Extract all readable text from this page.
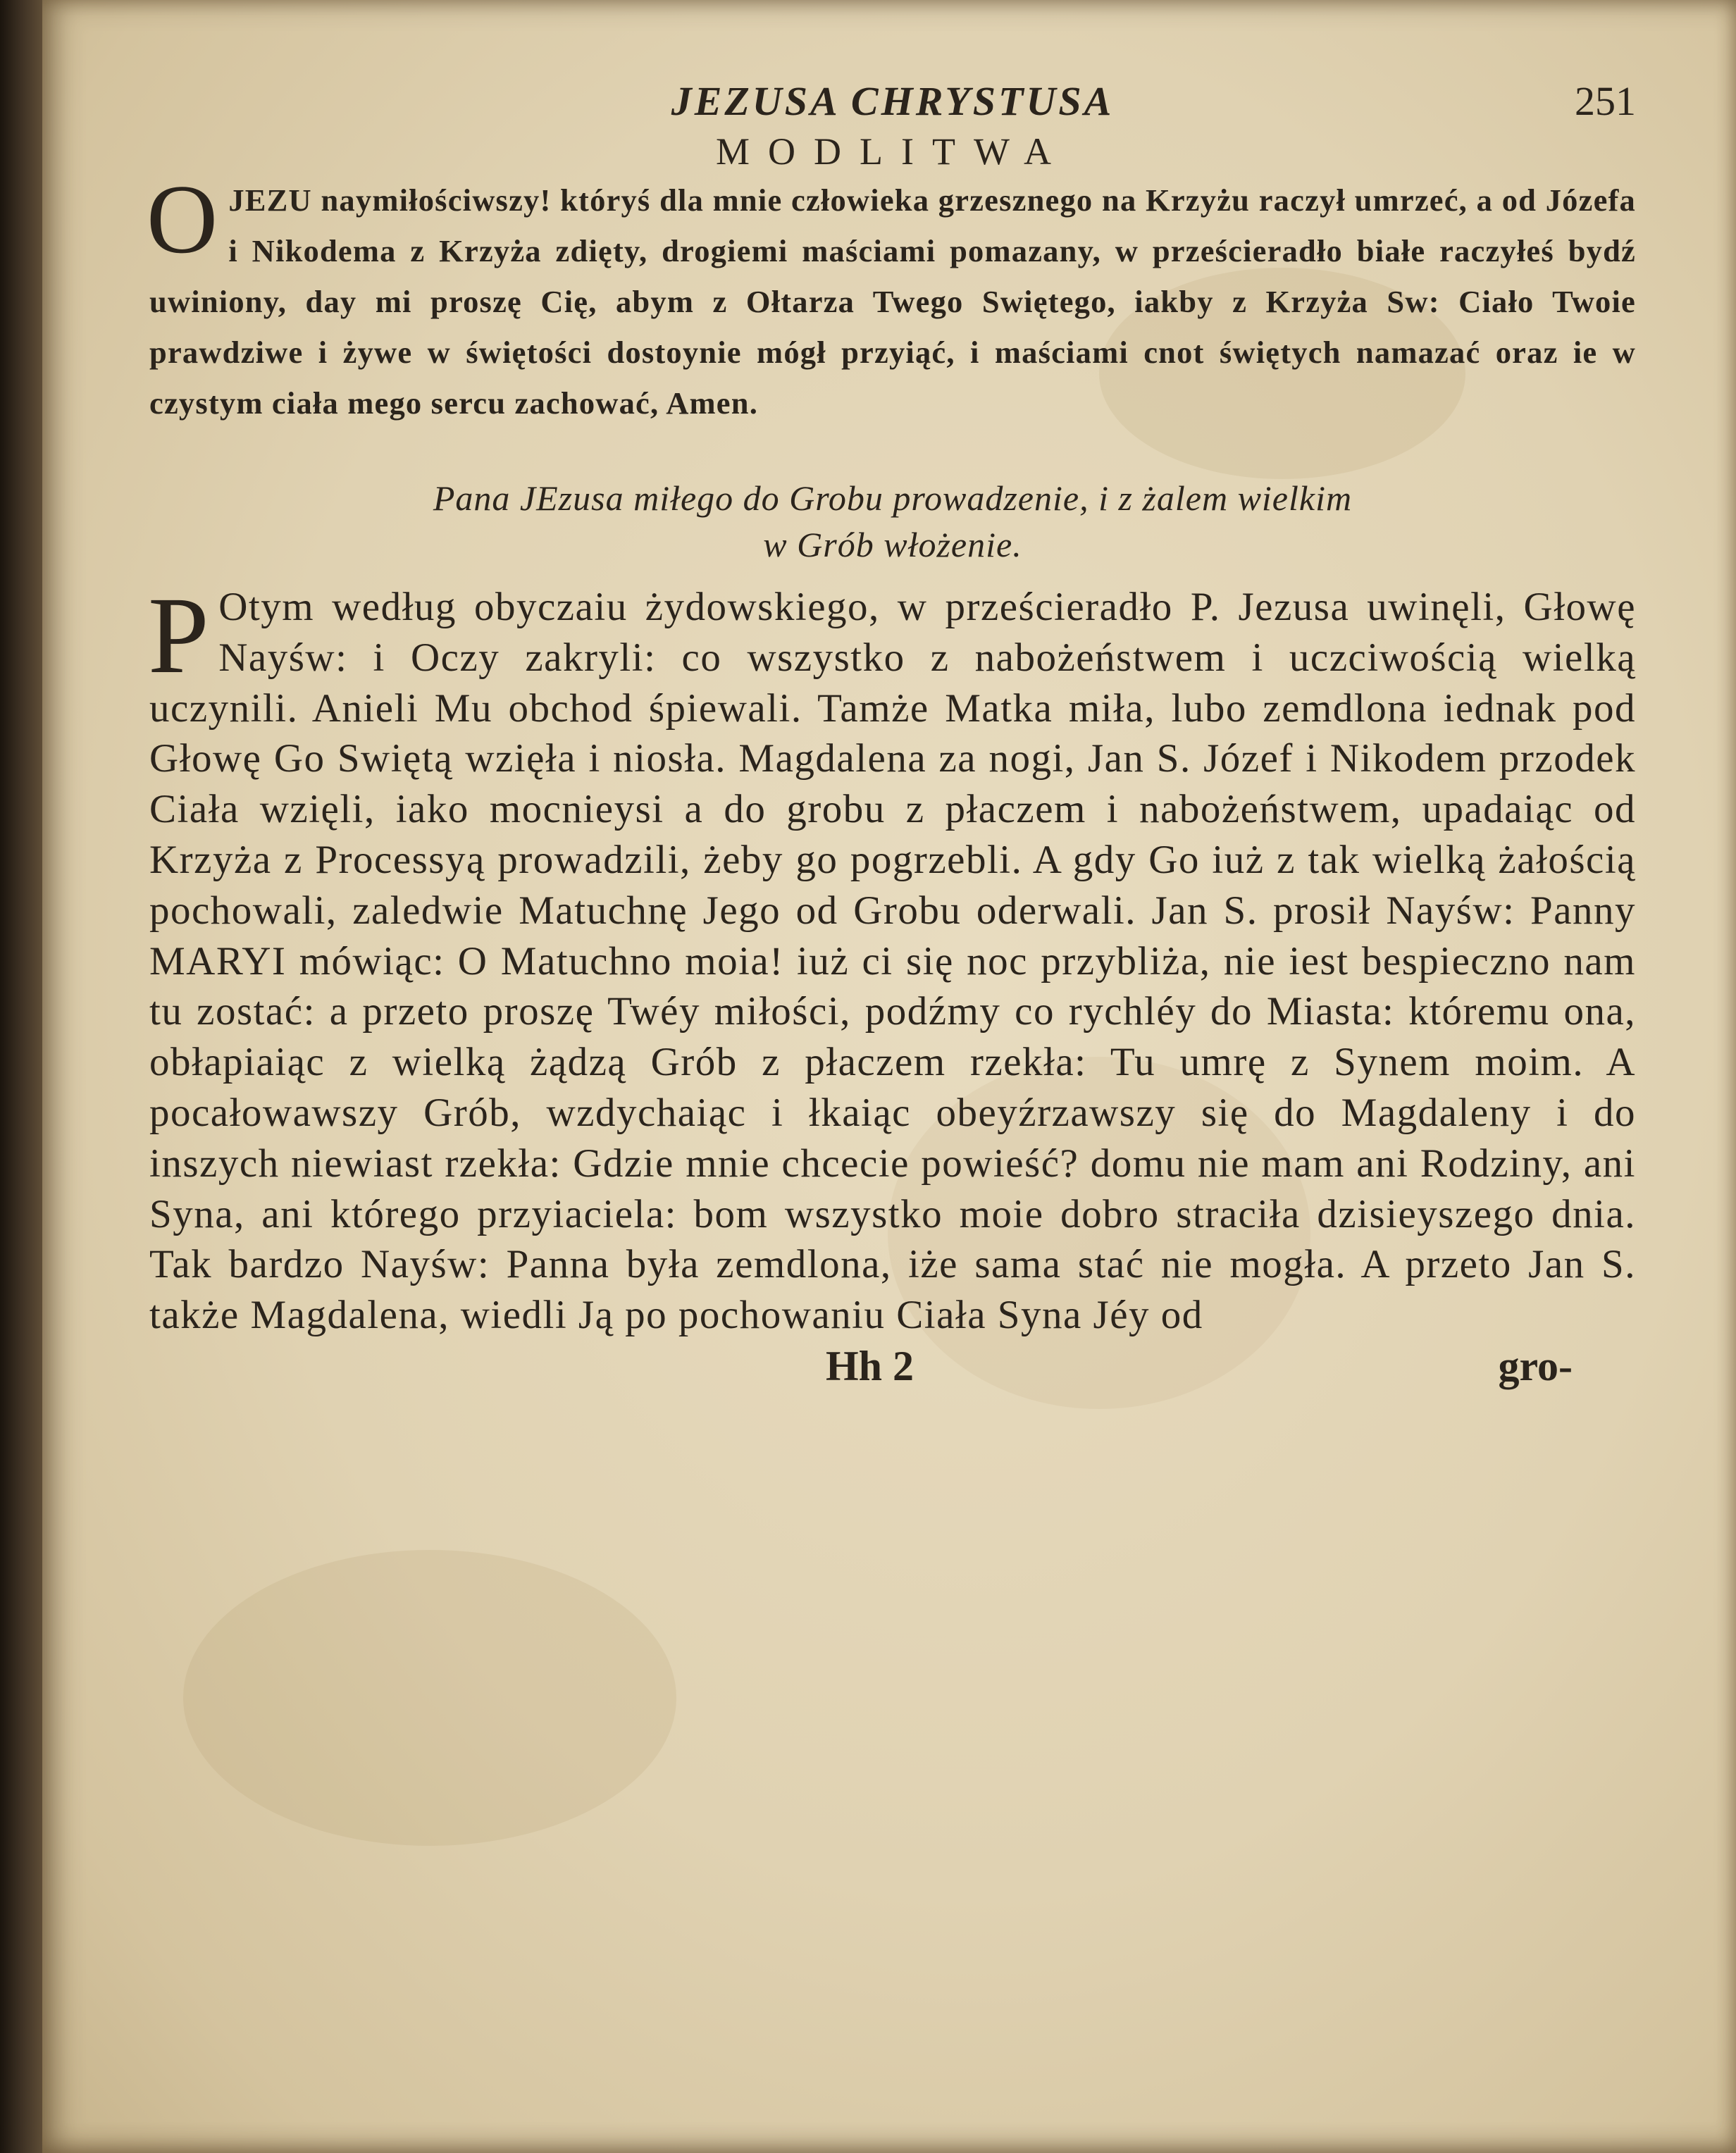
JEZUSA CHRYSTUSA	251
MODLITWA
O JEZU naymiłościwszy! któryś dla mnie człowieka grzesznego na Krzyżu raczył umrzeć, a od Józefa i Nikodema z Krzyża zdięty, drogiemi maściami pomazany, w prześcieradło białe raczyłeś bydź uwiniony, day mi proszę Cię, abym z Ołtarza Twego Swiętego, iakby z Krzyża Sw: Ciało Twoie prawdziwe i żywe w świętości dostoynie mógł przyiąć, i maściami cnot świętych namazać oraz ie w czystym ciała mego sercu zachować, Amen.
Pana JEzusa miłego do Grobu prowadzenie, i z żalem wielkim
w Grób włożenie.
P Otym według obyczaiu żydowskiego, w prześcieradło P. Jezusa uwinęli, Głowę Nayśw: i Oczy zakryli: co wszystko z nabożeństwem i uczciwością wielką uczynili. Anieli Mu obchod śpiewali. Tamże Matka miła, lubo zemdlona iednak pod Głowę Go Swiętą wzięła i niosła. Magdalena za nogi, Jan S. Józef i Nikodem przodek Ciała wzięli, iako mocnieysi a do grobu z płaczem i nabożeństwem, upadaiąc od Krzyża z Processyą prowadzili, żeby go pogrzebli. A gdy Go iuż z tak wielką żałością pochowali, zaledwie Matuchnę Jego od Grobu oderwali. Jan S. prosił Nayśw: Panny MARYI mówiąc: O Matuchno moia! iuż ci się noc przybliża, nie iest bespieczno nam tu zostać: a przeto proszę Twéy miłości, podźmy co rychléy do Miasta: któremu ona, obłapiaiąc z wielką żądzą Grób z płaczem rzekła: Tu umrę z Synem moim. A pocałowawszy Grób, wzdychaiąc i łkaiąc obeyźrzawszy się do Magdaleny i do inszych niewiast rzekła: Gdzie mnie chcecie powieść? domu nie mam ani Rodziny, ani Syna, ani którego przyiaciela: bom wszystko moie dobro straciła dzisieyszego dnia. Tak bardzo Nayśw: Panna była zemdlona, iże sama stać nie mogła. A przeto Jan S. także Magdalena, wiedli Ją po pochowaniu Ciała Syna Jéy od
Hh 2	gro-
